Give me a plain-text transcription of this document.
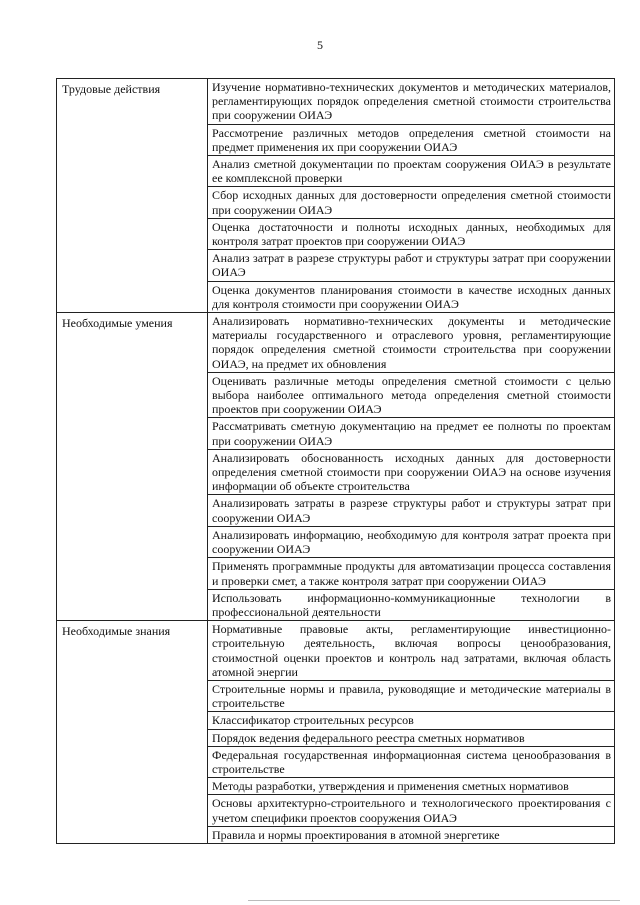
5
Трудовые действия	Изучение нормативно-технических документов и методических материалов, регламентирующих порядок определения сметной стоимости строительства при сооружении ОИАЭ
	Рассмотрение различных методов определения сметной стоимости на предмет применения их при сооружении ОИАЭ
	Анализ сметной документации по проектам сооружения ОИАЭ в результате ее комплексной проверки
	Сбор исходных данных для достоверности определения сметной стоимости при сооружении ОИАЭ
	Оценка достаточности и полноты исходных данных, необходимых для контроля затрат проектов при сооружении ОИАЭ
	Анализ затрат в разрезе структуры работ и структуры затрат при сооружении ОИАЭ
	Оценка документов планирования стоимости в качестве исходных данных для контроля стоимости при сооружении ОИАЭ
Необходимые умения	Анализировать нормативно-технических документы и методические материалы государственного и отраслевого уровня, регламентирующие порядок определения сметной стоимости строительства при сооружении ОИАЭ, на предмет их обновления
	Оценивать различные методы определения сметной стоимости с целью выбора наиболее оптимального метода определения сметной стоимости проектов при сооружении ОИАЭ
	Рассматривать сметную документацию на предмет ее полноты по проектам при сооружении ОИАЭ
	Анализировать обоснованность исходных данных для достоверности определения сметной стоимости при сооружении ОИАЭ на основе изучения информации об объекте строительства
	Анализировать затраты в разрезе структуры работ и структуры затрат при сооружении ОИАЭ
	Анализировать информацию, необходимую для контроля затрат проекта при сооружении ОИАЭ
	Применять программные продукты для автоматизации процесса составления и проверки смет, а также контроля затрат при сооружении ОИАЭ
	Использовать информационно-коммуникационные технологии в профессиональной деятельности
Необходимые знания	Нормативные правовые акты, регламентирующие инвестиционно-строительную деятельность, включая вопросы ценообразования, стоимостной оценки проектов и контроль над затратами, включая область атомной энергии
	Строительные нормы и правила, руководящие и методические материалы в строительстве
	Классификатор строительных ресурсов
	Порядок ведения федерального реестра сметных нормативов
	Федеральная государственная информационная система ценообразования в строительстве
	Методы разработки, утверждения и применения сметных нормативов
	Основы архитектурно-строительного и технологического проектирования с учетом специфики проектов сооружения ОИАЭ
	Правила и нормы проектирования в атомной энергетике
